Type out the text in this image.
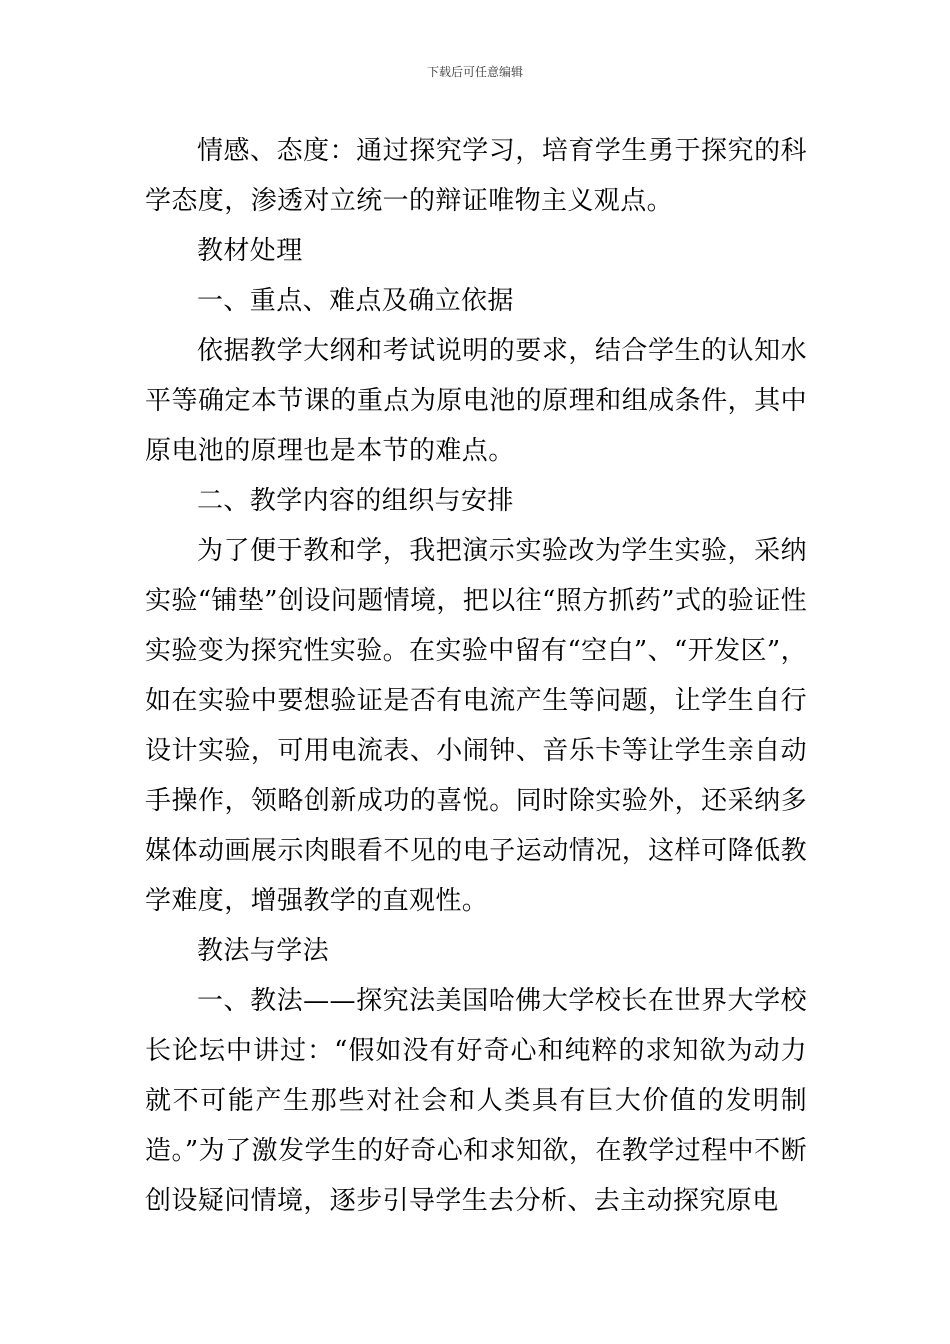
下载后可任意编辑

情感、态度：通过探究学习，培育学生勇于探究的科学态度，渗透对立统一的辩证唯物主义观点。

教材处理

一、重点、难点及确立依据

依据教学大纲和考试说明的要求，结合学生的认知水平等确定本节课的重点为原电池的原理和组成条件，其中原电池的原理也是本节的难点。

二、教学内容的组织与安排

为了便于教和学，我把演示实验改为学生实验，采纳实验“铺垫”创设问题情境，把以往“照方抓药”式的验证性实验变为探究性实验。在实验中留有“空白”、“开发区”，如在实验中要想验证是否有电流产生等问题，让学生自行设计实验，可用电流表、小闹钟、音乐卡等让学生亲自动手操作，领略创新成功的喜悦。同时除实验外，还采纳多媒体动画展示肉眼看不见的电子运动情况，这样可降低教学难度，增强教学的直观性。

教法与学法

一、教法——探究法美国哈佛大学校长在世界大学校长论坛中讲过：“假如没有好奇心和纯粹的求知欲为动力就不可能产生那些对社会和人类具有巨大价值的发明制造。”为了激发学生的好奇心和求知欲，在教学过程中不断创设疑问情境，逐步引导学生去分析、去主动探究原电
